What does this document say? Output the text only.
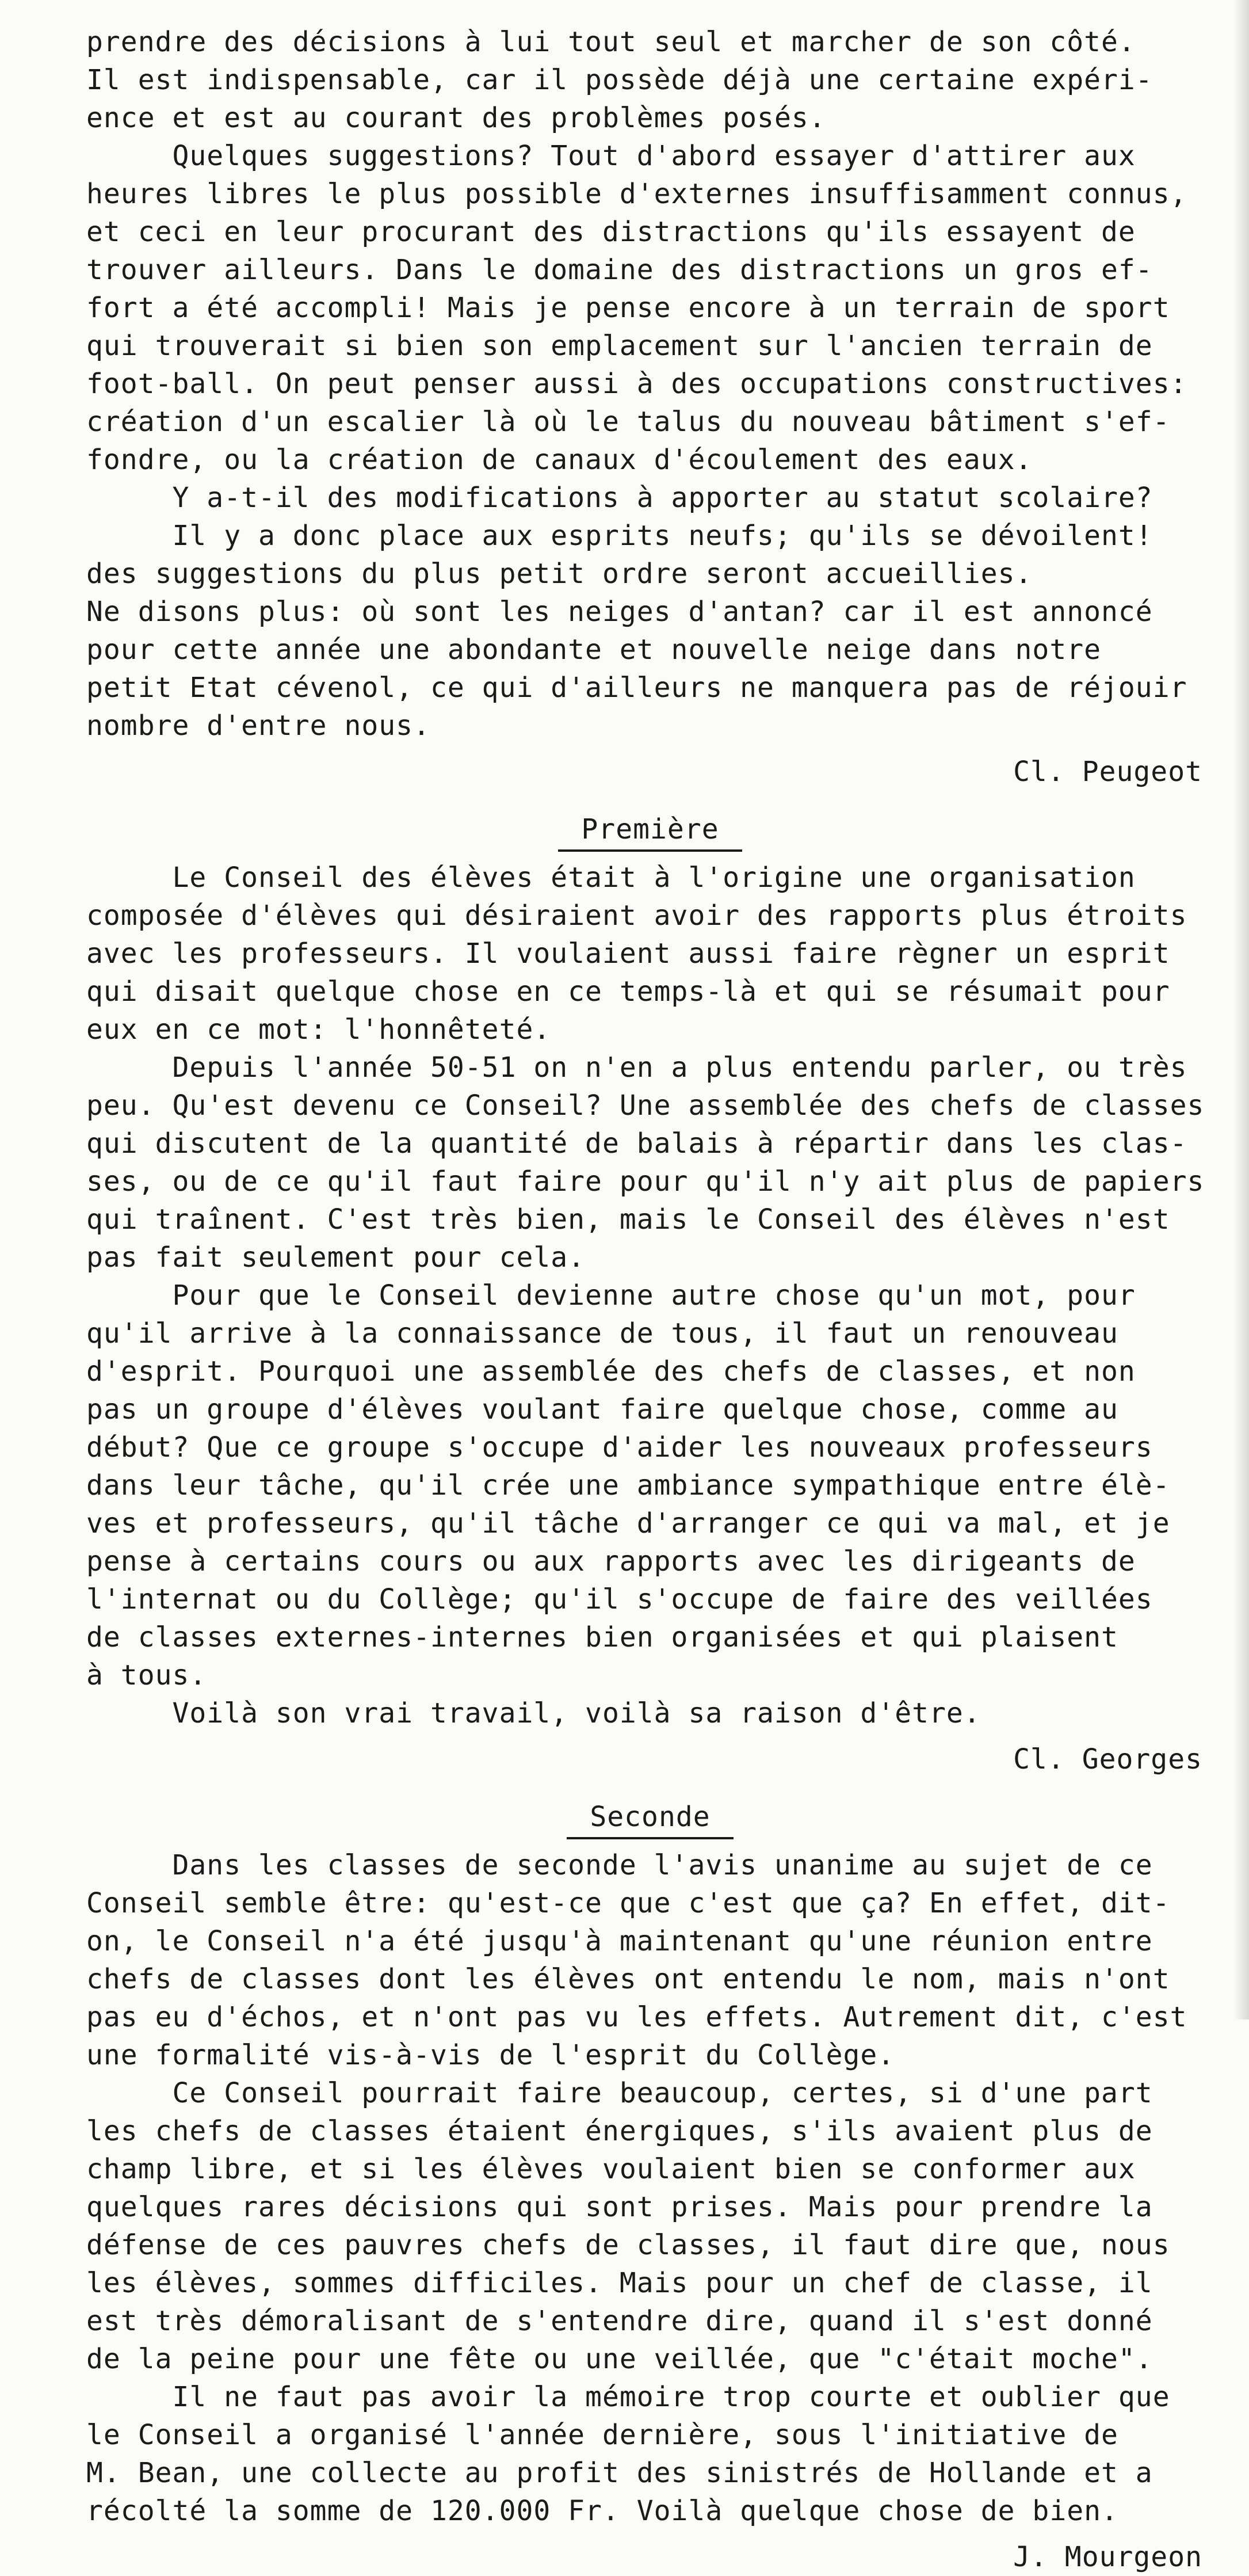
prendre des décisions à lui tout seul et marcher de son côté.
Il est indispensable, car il possède déjà une certaine expéri-
ence et est au courant des problèmes posés.
Quelques suggestions? Tout d'abord essayer d'attirer aux
heures libres le plus possible d'externes insuffisamment connus,
et ceci en leur procurant des distractions qu'ils essayent de
trouver ailleurs. Dans le domaine des distractions un gros ef-
fort a été accompli! Mais je pense encore à un terrain de sport
qui trouverait si bien son emplacement sur l'ancien terrain de
foot-ball. On peut penser aussi à des occupations constructives:
création d'un escalier là où le talus du nouveau bâtiment s'ef-
fondre, ou la création de canaux d'écoulement des eaux.
Y a-t-il des modifications à apporter au statut scolaire?
Il y a donc place aux esprits neufs; qu'ils se dévoilent!
des suggestions du plus petit ordre seront accueillies.
Ne disons plus: où sont les neiges d'antan? car il est annoncé
pour cette année une abondante et nouvelle neige dans notre
petit Etat cévenol, ce qui d'ailleurs ne manquera pas de réjouir
nombre d'entre nous.
Cl. Peugeot
Première
Le Conseil des élèves était à l'origine une organisation
composée d'élèves qui désiraient avoir des rapports plus étroits
avec les professeurs. Il voulaient aussi faire règner un esprit
qui disait quelque chose en ce temps-là et qui se résumait pour
eux en ce mot: l'honnêteté.
Depuis l'année 50-51 on n'en a plus entendu parler, ou très
peu. Qu'est devenu ce Conseil? Une assemblée des chefs de classes
qui discutent de la quantité de balais à répartir dans les clas-
ses, ou de ce qu'il faut faire pour qu'il n'y ait plus de papiers
qui traînent. C'est très bien, mais le Conseil des élèves n'est
pas fait seulement pour cela.
Pour que le Conseil devienne autre chose qu'un mot, pour
qu'il arrive à la connaissance de tous, il faut un renouveau
d'esprit. Pourquoi une assemblée des chefs de classes, et non
pas un groupe d'élèves voulant faire quelque chose, comme au
début? Que ce groupe s'occupe d'aider les nouveaux professeurs
dans leur tâche, qu'il crée une ambiance sympathique entre élè-
ves et professeurs, qu'il tâche d'arranger ce qui va mal, et je
pense à certains cours ou aux rapports avec les dirigeants de
l'internat ou du Collège; qu'il s'occupe de faire des veillées
de classes externes-internes bien organisées et qui plaisent
à tous.
Voilà son vrai travail, voilà sa raison d'être.
Cl. Georges
Seconde
Dans les classes de seconde l'avis unanime au sujet de ce
Conseil semble être: qu'est-ce que c'est que ça? En effet, dit-
on, le Conseil n'a été jusqu'à maintenant qu'une réunion entre
chefs de classes dont les élèves ont entendu le nom, mais n'ont
pas eu d'échos, et n'ont pas vu les effets. Autrement dit, c'est
une formalité vis-à-vis de l'esprit du Collège.
Ce Conseil pourrait faire beaucoup, certes, si d'une part
les chefs de classes étaient énergiques, s'ils avaient plus de
champ libre, et si les élèves voulaient bien se conformer aux
quelques rares décisions qui sont prises. Mais pour prendre la
défense de ces pauvres chefs de classes, il faut dire que, nous
les élèves, sommes difficiles. Mais pour un chef de classe, il
est très démoralisant de s'entendre dire, quand il s'est donné
de la peine pour une fête ou une veillée, que "c'était moche".
Il ne faut pas avoir la mémoire trop courte et oublier que
le Conseil a organisé l'année dernière, sous l'initiative de
M. Bean, une collecte au profit des sinistrés de Hollande et a
récolté la somme de 120.000 Fr. Voilà quelque chose de bien.
J. Mourgeon
